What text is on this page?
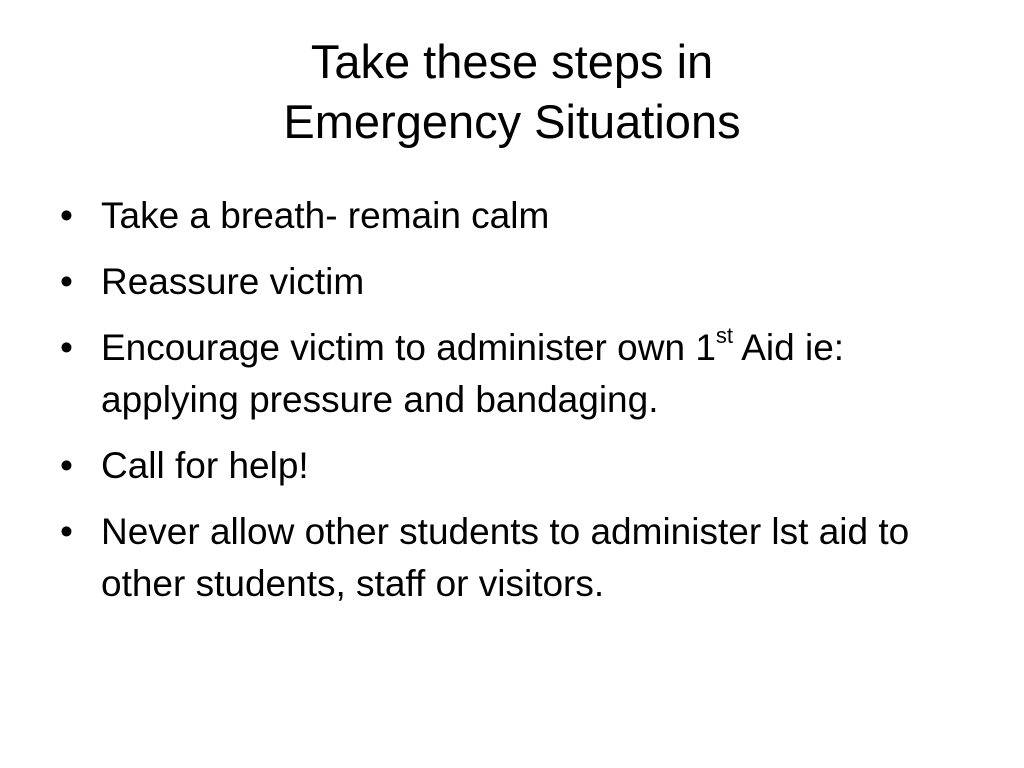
Take these steps in
Emergency Situations
• Take a breath- remain calm
• Reassure victim
• Encourage victim to administer own 1st Aid ie: applying pressure and bandaging.
• Call for help!
• Never allow other students to administer lst aid to other students, staff or visitors.
